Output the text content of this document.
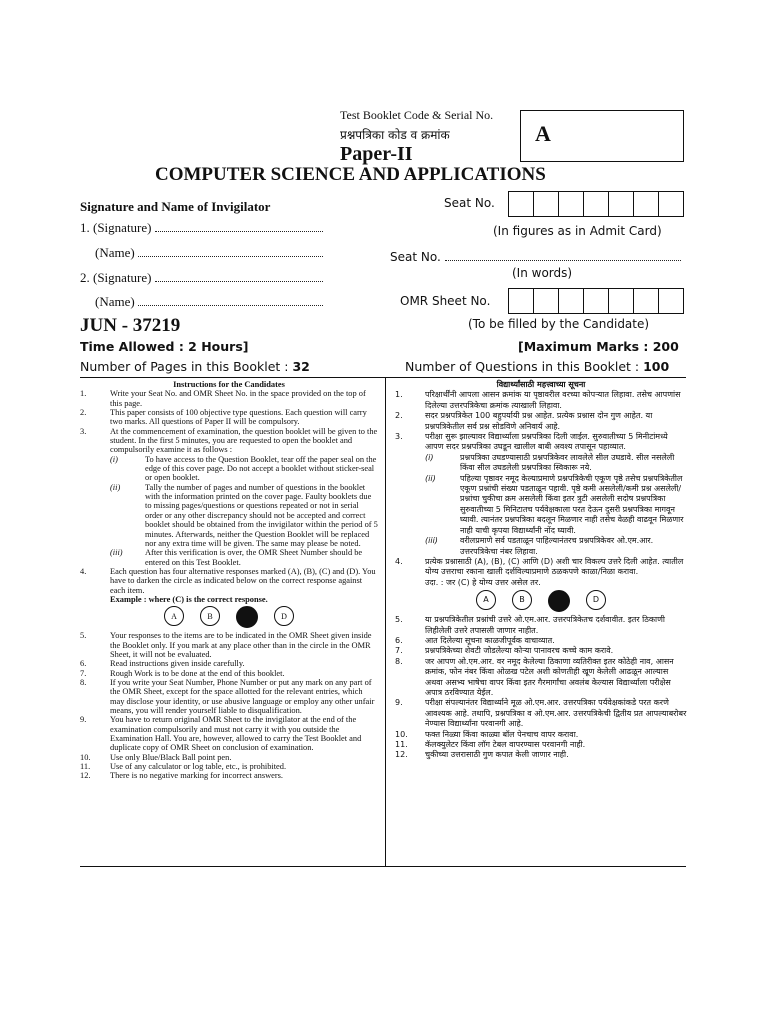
Test Booklet Code & Serial No.
प्रश्नपत्रिका कोड व क्रमांक	A
Paper-II
COMPUTER SCIENCE AND APPLICATIONS
Signature and Name of Invigilator
1. (Signature)
(Name)
2. (Signature)
(Name)
Seat No.
(In figures as in Admit Card)
Seat No.
(In words)
OMR Sheet No.
(To be filled by the Candidate)
JUN - 37219
Time Allowed : 2 Hours]	[Maximum Marks : 200
Number of Pages in this Booklet : 32	Number of Questions in this Booklet : 100
Instructions for the Candidates
1.	Write your Seat No. and OMR Sheet No. in the space provided on the top of this page.
2.	This paper consists of 100 objective type questions. Each question will carry two marks. All questions of Paper II will be compulsory.
3.	At the commencement of examination, the question booklet will be given to the student. In the first 5 minutes, you are requested to open the booklet and compulsorily examine it as follows :
(i)	To have access to the Question Booklet, tear off the paper seal on the edge of this cover page. Do not accept a booklet without sticker-seal or open booklet.
(ii)	Tally the number of pages and number of questions in the booklet with the information printed on the cover page. Faulty booklets due to missing pages/questions or questions repeated or not in serial order or any other discrepancy should not be accepted and correct booklet should be obtained from the invigilator within the period of 5 minutes. Afterwards, neither the Question Booklet will be replaced nor any extra time will be given. The same may please be noted.
(iii)	After this verification is over, the OMR Sheet Number should be entered on this Test Booklet.
4.	Each question has four alternative responses marked (A), (B), (C) and (D). You have to darken the circle as indicated below on the correct response against each item.
Example : where (C) is the correct response.
A	B	D
5.	Your responses to the items are to be indicated in the OMR Sheet given inside the Booklet only. If you mark at any place other than in the circle in the OMR Sheet, it will not be evaluated.
6.	Read instructions given inside carefully.
7.	Rough Work is to be done at the end of this booklet.
8.	If you write your Seat Number, Phone Number or put any mark on any part of the OMR Sheet, except for the space allotted for the relevant entries, which may disclose your identity, or use abusive language or employ any other unfair means, you will render yourself liable to disqualification.
9.	You have to return original OMR Sheet to the invigilator at the end of the examination compulsorily and must not carry it with you outside the Examination Hall. You are, however, allowed to carry the Test Booklet and duplicate copy of OMR Sheet on conclusion of examination.
10.	Use only Blue/Black Ball point pen.
11.	Use of any calculator or log table, etc., is prohibited.
12.	There is no negative marking for incorrect answers.
विद्यार्थ्यांसाठी महत्त्वाच्या सूचना
1.	परिक्षार्थींनी आपला आसन क्रमांक या पृष्ठावरील वरच्या कोपऱ्यात लिहावा. तसेच आपणांस दिलेल्या उत्तरपत्रिकेचा क्रमांक त्याखाली लिहावा.
2.	सदर प्रश्नपत्रिकेत 100 बहुपर्यायी प्रश्न आहेत. प्रत्येक प्रश्नास दोन गुण आहेत. या प्रश्नपत्रिकेतील सर्व प्रश्न सोडविणे अनिवार्य आहे.
3.	परीक्षा सुरू झाल्यावर विद्यार्थ्याला प्रश्नपत्रिका दिली जाईल. सुरुवातीच्या 5 मिनीटांमध्ये आपण सदर प्रश्नपत्रिका उघडून खालील बाबी अवश्य तपासून पहाव्यात.
(i)	प्रश्नपत्रिका उघडण्यासाठी प्रश्नपत्रिकेवर लावलेले सील उघडावे. सील नसलेली किंवा सील उघडलेली प्रश्नपत्रिका स्विकारू नये.
(ii)	पहिल्या पृष्ठावर नमूद केल्याप्रमाणे प्रश्नपत्रिकेची एकूण पृष्ठे तसेच प्रश्नपत्रिकेतील एकूण प्रश्नांची संख्या पडताळून पहावी. पृष्ठे कमी असलेली/कमी प्रश्न असलेली/प्रश्नांचा चुकीचा क्रम असलेली किंवा इतर त्रुटी असलेली सदोष प्रश्नपत्रिका सुरुवातीच्या 5 मिनिटातच पर्यवेक्षकाला परत देऊन दुसरी प्रश्नपत्रिका मागवून घ्यावी. त्यानंतर प्रश्नपत्रिका बदलून मिळणार नाही तसेच वेळही वाढवून मिळणार नाही याची कृपया विद्यार्थ्यांनी नोंद घ्यावी.
(iii)	वरीलप्रमाणे सर्व पडताळून पाहिल्यानंतरच प्रश्नपत्रिकेवर ओ.एम.आर. उत्तरपत्रिकेचा नंबर लिहावा.
4.	प्रत्येक प्रश्नासाठी (A), (B), (C) आणि (D) अशी चार विकल्प उत्तरे दिली आहेत. त्यातील योग्य उत्तराचा रकाना खाली दर्शविल्याप्रमाणे ठळकपणे काळा/निळा करावा.
उदा. : जर (C) हे योग्य उत्तर असेल तर.
A	B	D
5.	या प्रश्नपत्रिकेतील प्रश्नांची उत्तरे ओ.एम.आर. उत्तरपत्रिकेतच दर्शवावीत. इतर ठिकाणी लिहीलेली उत्तरे तपासली जाणार नाहीत.
6.	आत दिलेल्या सूचना काळजीपूर्वक वाचाव्यात.
7.	प्रश्नपत्रिकेच्या शेवटी जोडलेल्या कोऱ्या पानावरच कच्चे काम करावे.
8.	जर आपण ओ.एम.आर. वर नमूद केलेल्या ठिकाणा व्यतिरीक्त इतर कोठेही नाव, आसन क्रमांक, फोन नंबर किंवा ओळख पटेल अशी कोणतीही खूण केलेली आढळून आल्यास अथवा असभ्य भाषेचा वापर किंवा इतर गैरमार्गांचा अवलंब केल्यास विद्यार्थ्याला परीक्षेस अपात्र ठरविण्यात येईल.
9.	परीक्षा संपल्यानंतर विद्यार्थ्याने मूळ ओ.एम.आर. उत्तरपत्रिका पर्यवेक्षकांकडे परत करणे आवश्यक आहे. तथापि, प्रश्नपत्रिका व ओ.एम.आर. उत्तरपत्रिकेची द्वितीय प्रत आपल्याबरोबर नेण्यास विद्यार्थ्यांना परवानगी आहे.
10.	फक्त निळ्या किंवा काळ्या बॉल पेनचाच वापर करावा.
11.	कॅलक्युलेटर किंवा लॉग टेबल वापरण्यास परवानगी नाही.
12.	चुकीच्या उत्तरासाठी गुण कपात केली जाणार नाही.
